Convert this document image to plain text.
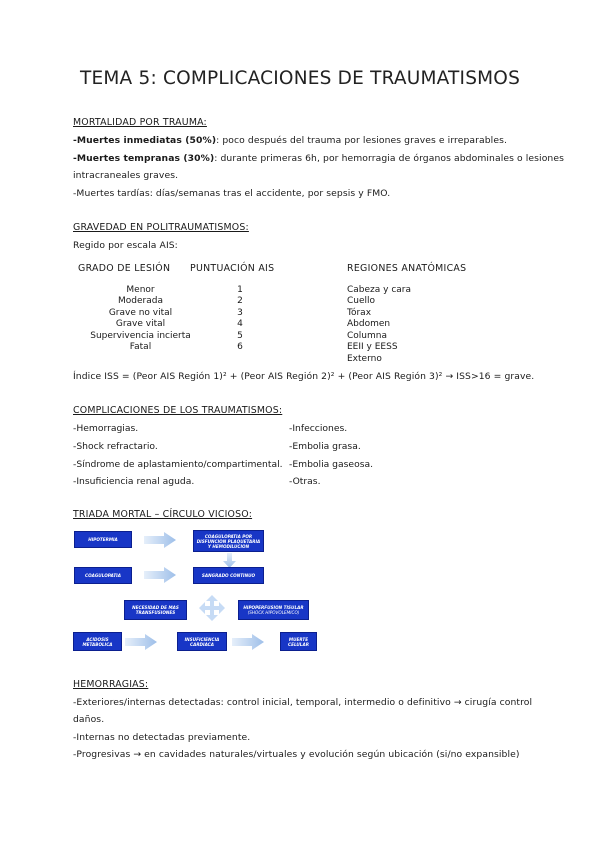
TEMA 5: COMPLICACIONES DE TRAUMATISMOS
MORTALIDAD POR TRAUMA:
-Muertes inmediatas (50%): poco después del trauma por lesiones graves e irreparables.
-Muertes tempranas (30%): durante primeras 6h, por hemorragia de órganos abdominales o lesiones
intracraneales graves.
-Muertes tardías: días/semanas tras el accidente, por sepsis y FMO.
GRAVEDAD EN POLITRAUMATISMOS:
Regido por escala AIS:
GRADO DE LESIÓN PUNTUACIÓN AIS	REGIONES ANATÓMICAS
Menor
Moderada
Grave no vital
Grave vital
Supervivencia incierta
Fatal
1
2
3
4
5
6
Cabeza y cara
Cuello
Tórax
Abdomen
Columna
EEII y EESS
Externo
Índice ISS = (Peor AIS Región 1)² + (Peor AIS Región 2)² + (Peor AIS Región 3)² → ISS>16 = grave.
COMPLICACIONES DE LOS TRAUMATISMOS:
-Hemorragias.
-Shock refractario.
-Síndrome de aplastamiento/compartimental.
-Insuficiencia renal aguda.
-Infecciones.
-Embolia grasa.
-Embolia gaseosa.
-Otras.
TRIADA MORTAL – CÍRCULO VICIOSO:
HIPOTERMIA
COAGULOPATIA POR DISFUNCION PLAQUETARIA Y HEMODILUCION
COAGULOPATIA	SANGRADO CONTINUO
NECESIDAD DE MAS TRANSFUSIONES
HIPOPERFUSION TISULAR
(SHOCK HIPOVOLEMICO)
ACIDOSIS METABOLICA
INSUFICIENCIA CARDIACA
MUERTE CELULAR
HEMORRAGIAS:
-Exteriores/internas detectadas: control inicial, temporal, intermedio o definitivo → cirugía control
daños.
-Internas no detectadas previamente.
-Progresivas → en cavidades naturales/virtuales y evolución según ubicación (si/no expansible)
